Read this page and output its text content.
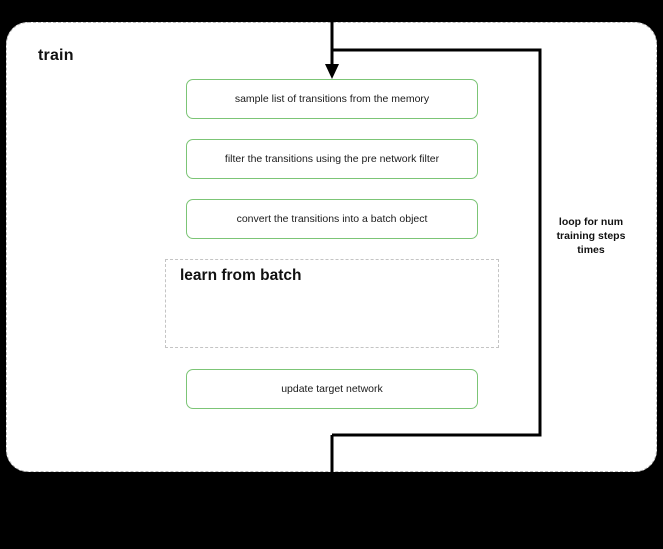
train
loop for num
training steps
times
sample list of transitions from the memory
filter the transitions using the pre network filter
convert the transitions into a batch object
learn from batch
update target network
